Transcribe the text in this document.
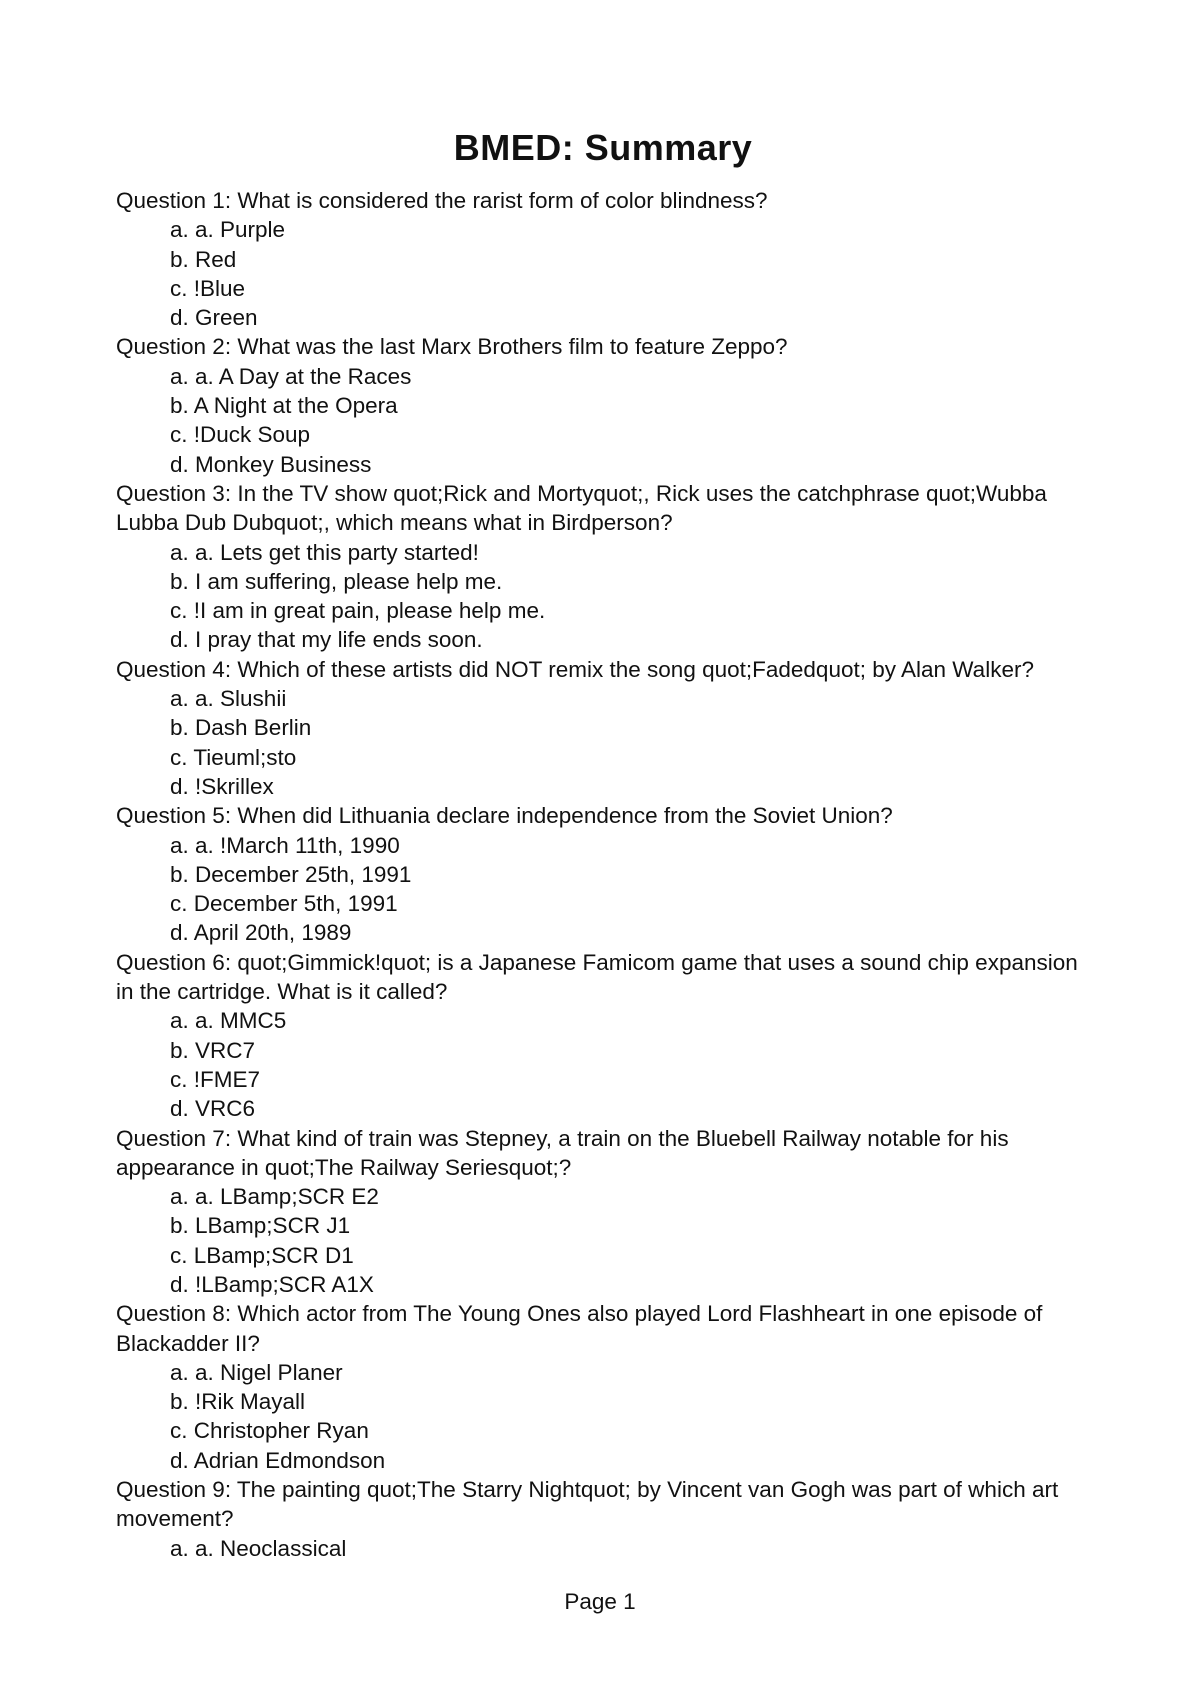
BMED: Summary

Question 1: What is considered the rarist form of color blindness?

a. a. Purple
b. Red
c. !Blue
d. Green

Question 2: What was the last Marx Brothers film to feature Zeppo?

a. a. A Day at the Races
b. A Night at the Opera
c. !Duck Soup
d. Monkey Business

Question 3: In the TV show quot;Rick and Mortyquot;, Rick uses the catchphrase quot;Wubba Lubba Dub Dubquot;, which means what in Birdperson?

a. a. Lets get this party started!
b. I am suffering, please help me.
c. !I am in great pain, please help me.
d. I pray that my life ends soon.

Question 4: Which of these artists did NOT remix the song quot;Fadedquot; by Alan Walker?

a. a. Slushii
b. Dash Berlin
c. Tieuml;sto
d. !Skrillex

Question 5: When did Lithuania declare independence from the Soviet Union?

a. a. !March 11th, 1990
b. December 25th, 1991
c. December 5th, 1991
d. April 20th, 1989

Question 6: quot;Gimmick!quot; is a Japanese Famicom game that uses a sound chip expansion in the cartridge. What is it called?

a. a. MMC5
b. VRC7
c. !FME7
d. VRC6

Question 7: What kind of train was Stepney, a train on the Bluebell Railway notable for his appearance in quot;The Railway Seriesquot;?

a. a. LBamp;SCR E2
b. LBamp;SCR J1
c. LBamp;SCR D1
d. !LBamp;SCR A1X

Question 8: Which actor from The Young Ones also played Lord Flashheart in one episode of Blackadder II?

a. a. Nigel Planer
b. !Rik Mayall
c. Christopher Ryan
d. Adrian Edmondson

Question 9: The painting quot;The Starry Nightquot; by Vincent van Gogh was part of which art movement?

a. a. Neoclassical
Page 1
